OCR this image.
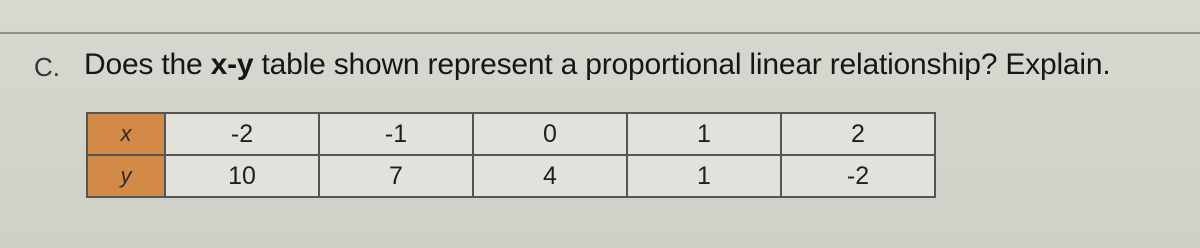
C. Does the x-y table shown represent a proportional linear relationship? Explain.
x	-2	-1	0	1	2
y	10	7	4	1	-2
